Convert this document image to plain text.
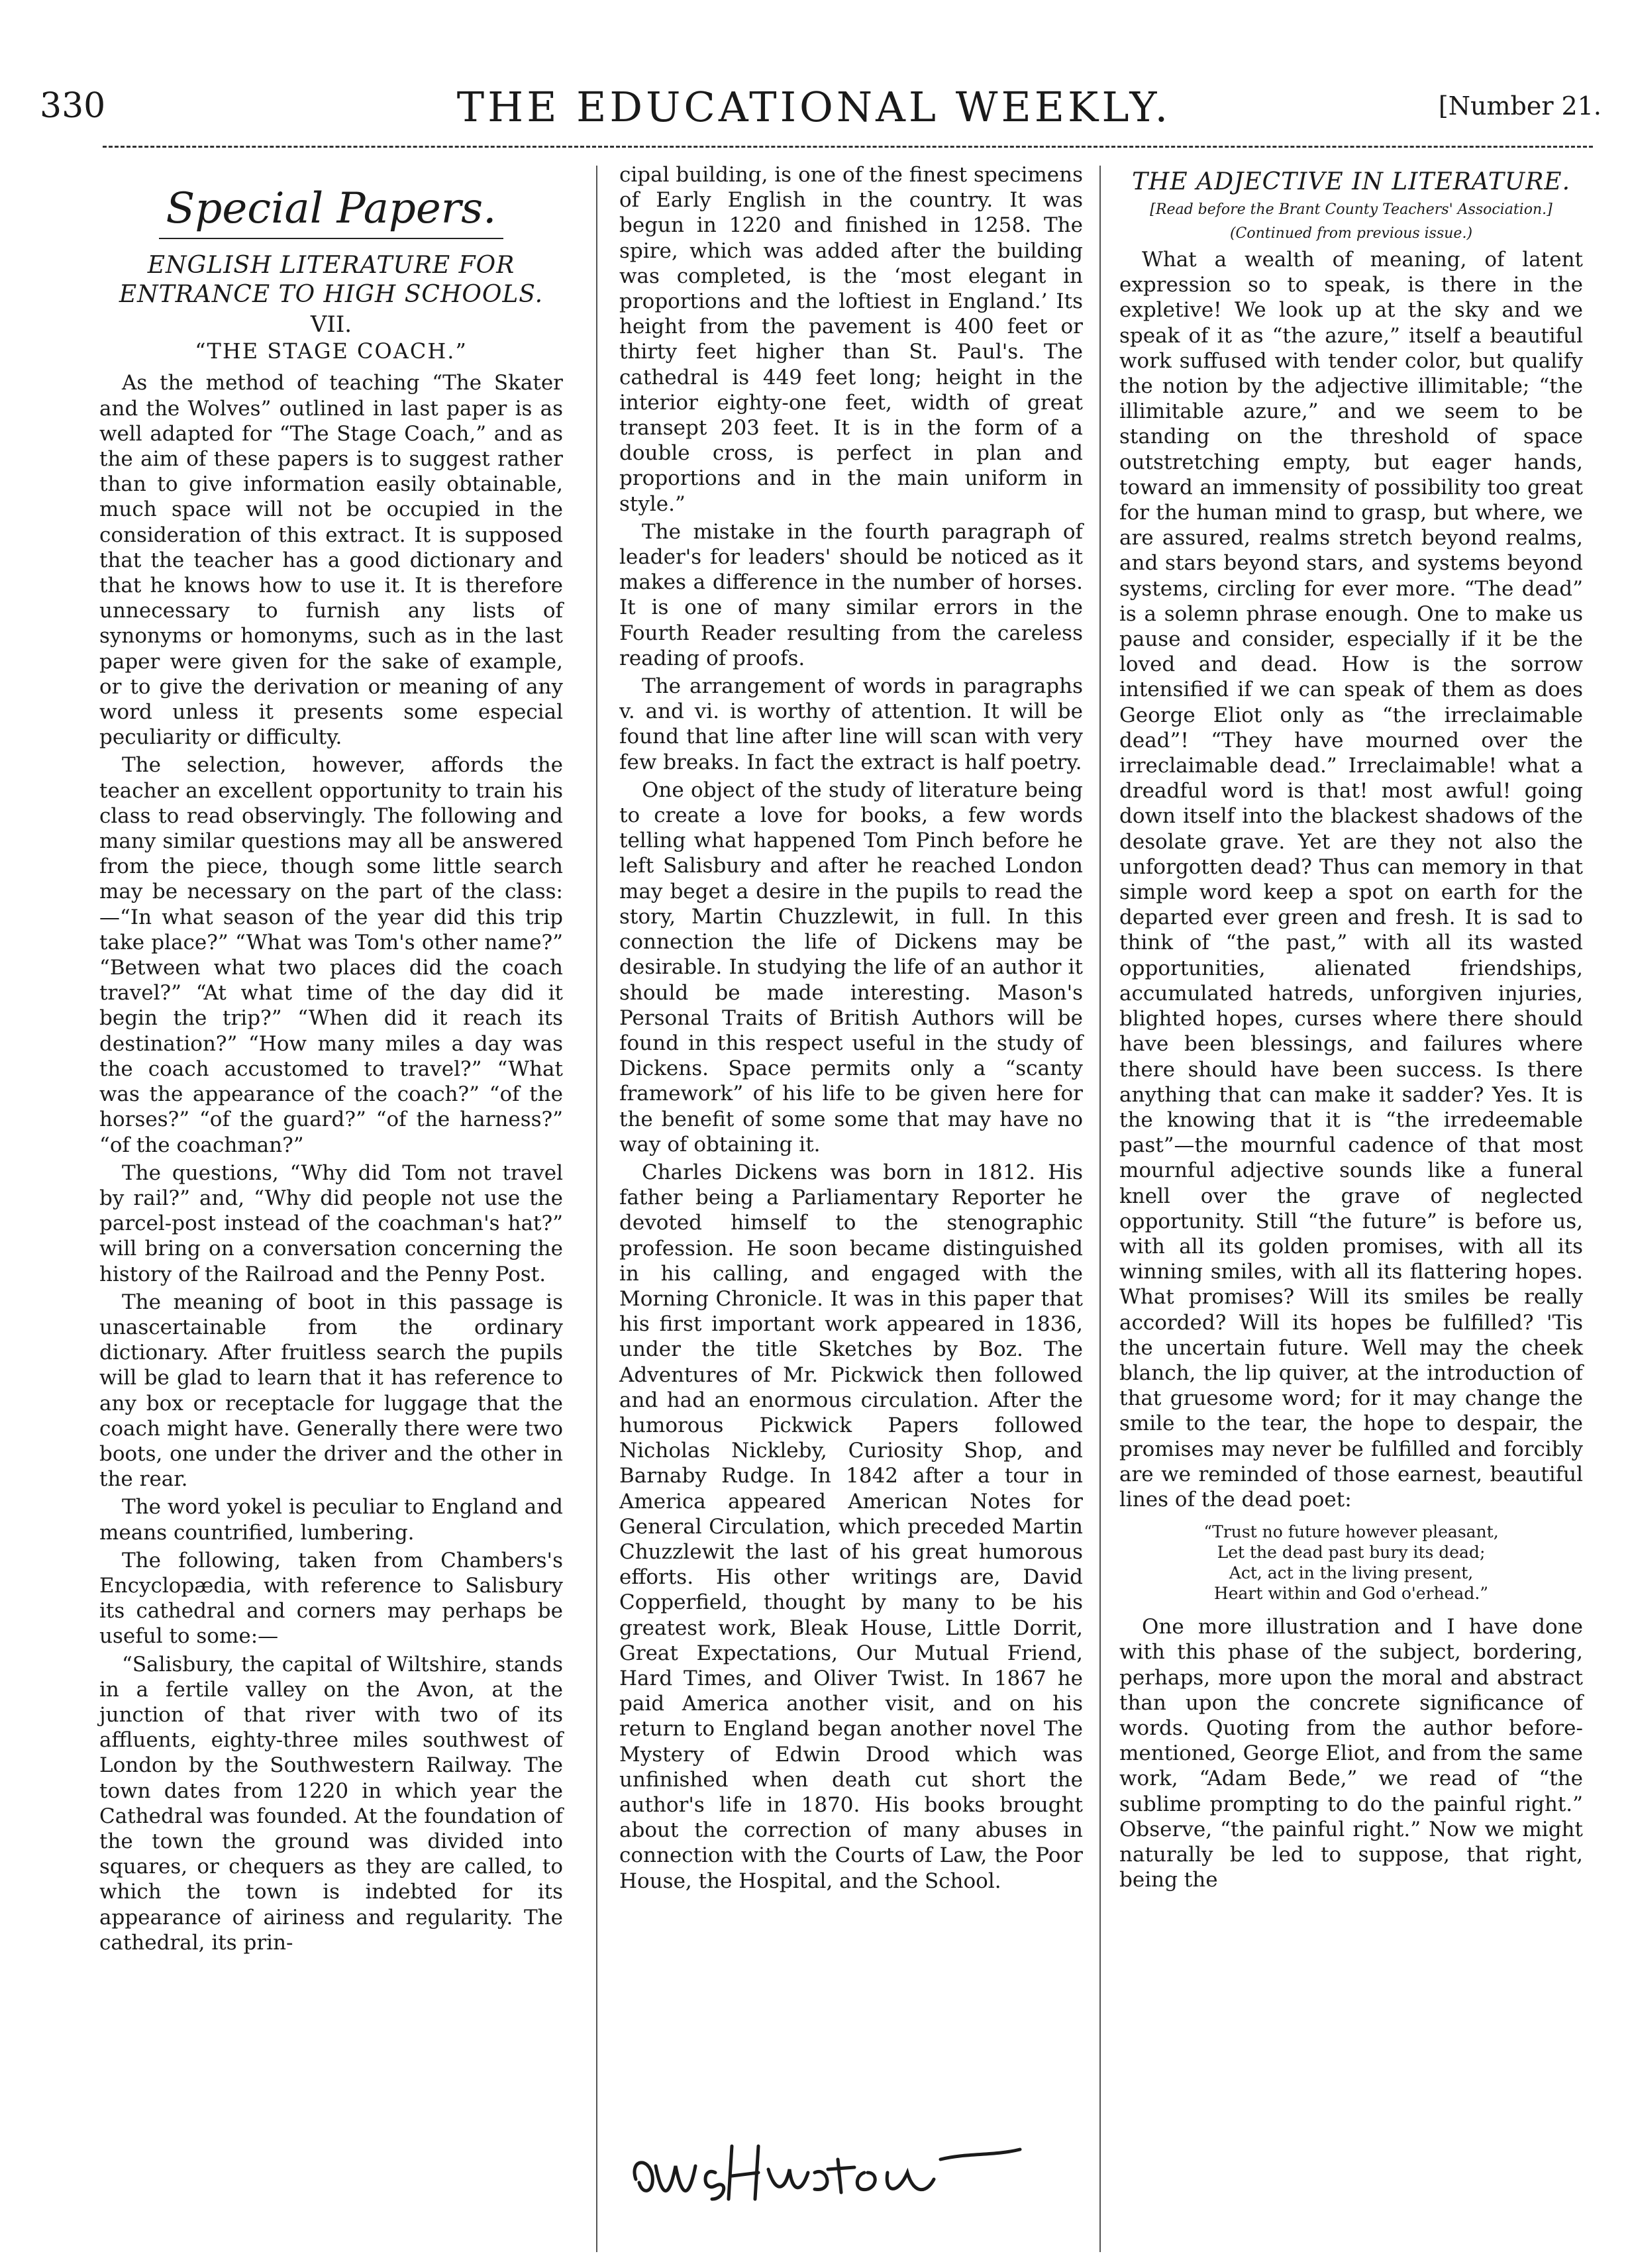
330	THE EDUCATIONAL WEEKLY.	[Number 21.
Special Papers.
ENGLISH LITERATURE FOR ENTRANCE TO HIGH SCHOOLS.
VII.
“THE STAGE COACH.”

As the method of teaching “The Skater and the Wolves” outlined in last paper is as well adapted for “The Stage Coach,” and as the aim of these papers is to suggest rather than to give information easily obtainable, much space will not be occupied in the consideration of this extract. It is supposed that the teacher has a good dictionary and that he knows how to use it. It is therefore unnecessary to furnish any lists of synonyms or homonyms, such as in the last paper were given for the sake of example, or to give the derivation or meaning of any word unless it presents some especial peculiarity or difficulty.

The selection, however, affords the teacher an excellent opportunity to train his class to read observingly. The following and many similar questions may all be answered from the piece, though some little search may be necessary on the part of the class:—“In what season of the year did this trip take place?” “What was Tom's other name?” “Between what two places did the coach travel?” “At what time of the day did it begin the trip?” “When did it reach its destination?” “How many miles a day was the coach accustomed to travel?” “What was the appearance of the coach?” “of the horses?” “of the guard?” “of the harness?” “of the coachman?”

The questions, “Why did Tom not travel by rail?” and, “Why did people not use the parcel-post instead of the coachman's hat?” will bring on a conversation concerning the history of the Railroad and the Penny Post.

The meaning of boot in this passage is unascertainable from the ordinary dictionary. After fruitless search the pupils will be glad to learn that it has reference to any box or receptacle for luggage that the coach might have. Generally there were two boots, one under the driver and the other in the rear.

The word yokel is peculiar to England and means countrified, lumbering.

The following, taken from Chambers's Encyclopædia, with reference to Salisbury its cathedral and corners may perhaps be useful to some:—

“Salisbury, the capital of Wiltshire, stands in a fertile valley on the Avon, at the junction of that river with two of its affluents, eighty-three miles southwest of London by the Southwestern Railway. The town dates from 1220 in which year the Cathedral was founded. At the foundation of the town the ground was divided into squares, or chequers as they are called, to which the town is indebted for its appearance of airiness and regularity. The cathedral, its prin-

cipal building, is one of the finest specimens of Early English in the country. It was begun in 1220 and finished in 1258. The spire, which was added after the building was completed, is the ‘most elegant in proportions and the loftiest in England.’ Its height from the pavement is 400 feet or thirty feet higher than St. Paul's. The cathedral is 449 feet long; height in the interior eighty-one feet, width of great transept 203 feet. It is in the form of a double cross, is perfect in plan and proportions and in the main uniform in style.”

The mistake in the fourth paragraph of leader's for leaders' should be noticed as it makes a difference in the number of horses. It is one of many similar errors in the Fourth Reader resulting from the careless reading of proofs.

The arrangement of words in paragraphs v. and vi. is worthy of attention. It will be found that line after line will scan with very few breaks. In fact the extract is half poetry.

One object of the study of literature being to create a love for books, a few words telling what happened Tom Pinch before he left Salisbury and after he reached London may beget a desire in the pupils to read the story, Martin Chuzzlewit, in full. In this connection the life of Dickens may be desirable. In studying the life of an author it should be made interesting. Mason's Personal Traits of British Authors will be found in this respect useful in the study of Dickens. Space permits only a “scanty framework” of his life to be given here for the benefit of some some that may have no way of obtaining it.

Charles Dickens was born in 1812. His father being a Parliamentary Reporter he devoted himself to the stenographic profession. He soon became distinguished in his calling, and engaged with the Morning Chronicle. It was in this paper that his first important work appeared in 1836, under the title Sketches by Boz. The Adventures of Mr. Pickwick then followed and had an enormous circulation. After the humorous Pickwick Papers followed Nicholas Nickleby, Curiosity Shop, and Barnaby Rudge. In 1842 after a tour in America appeared American Notes for General Circulation, which preceded Martin Chuzzlewit the last of his great humorous efforts. His other writings are, David Copperfield, thought by many to be his greatest work, Bleak House, Little Dorrit, Great Expectations, Our Mutual Friend, Hard Times, and Oliver Twist. In 1867 he paid America another visit, and on his return to England began another novel The Mystery of Edwin Drood which was unfinished when death cut short the author's life in 1870. His books brought about the correction of many abuses in connection with the Courts of Law, the Poor House, the Hospital, and the School.

THE ADJECTIVE IN LITERATURE.
[Read before the Brant County Teachers' Association.]
(Continued from previous issue.)

What a wealth of meaning, of latent expression so to speak, is there in the expletive! We look up at the sky and we speak of it as “the azure,” itself a beautiful work suffused with tender color, but qualify the notion by the adjective illimitable; “the illimitable azure,” and we seem to be standing on the threshold of space outstretching empty, but eager hands, toward an immensity of possibility too great for the human mind to grasp, but where, we are assured, realms stretch beyond realms, and stars beyond stars, and systems beyond systems, circling for ever more. “The dead” is a solemn phrase enough. One to make us pause and consider, especially if it be the loved and dead. How is the sorrow intensified if we can speak of them as does George Eliot only as “the irreclaimable dead”! “They have mourned over the irreclaimable dead.” Irreclaimable! what a dreadful word is that! most awful! going down itself into the blackest shadows of the desolate grave. Yet are they not also the unforgotten dead? Thus can memory in that simple word keep a spot on earth for the departed ever green and fresh. It is sad to think of “the past,” with all its wasted opportunities, alienated friendships, accumulated hatreds, unforgiven injuries, blighted hopes, curses where there should have been blessings, and failures where there should have been success. Is there anything that can make it sadder? Yes. It is the knowing that it is “the irredeemable past”—the mournful cadence of that most mournful adjective sounds like a funeral knell over the grave of neglected opportunity. Still “the future” is before us, with all its golden promises, with all its winning smiles, with all its flattering hopes. What promises? Will its smiles be really accorded? Will its hopes be fulfilled? 'Tis the uncertain future. Well may the cheek blanch, the lip quiver, at the introduction of that gruesome word; for it may change the smile to the tear, the hope to despair, the promises may never be fulfilled and forcibly are we reminded of those earnest, beautiful lines of the dead poet:

“Trust no future however pleasant,
Let the dead past bury its dead;
Act, act in the living present,
Heart within and God o'erhead.”

One more illustration and I have done with this phase of the subject, bordering, perhaps, more upon the moral and abstract than upon the concrete significance of words. Quoting from the author before-mentioned, George Eliot, and from the same work, “Adam Bede,” we read of “the sublime prompting to do the painful right.” Observe, “the painful right.” Now we might naturally be led to suppose, that right, being the
